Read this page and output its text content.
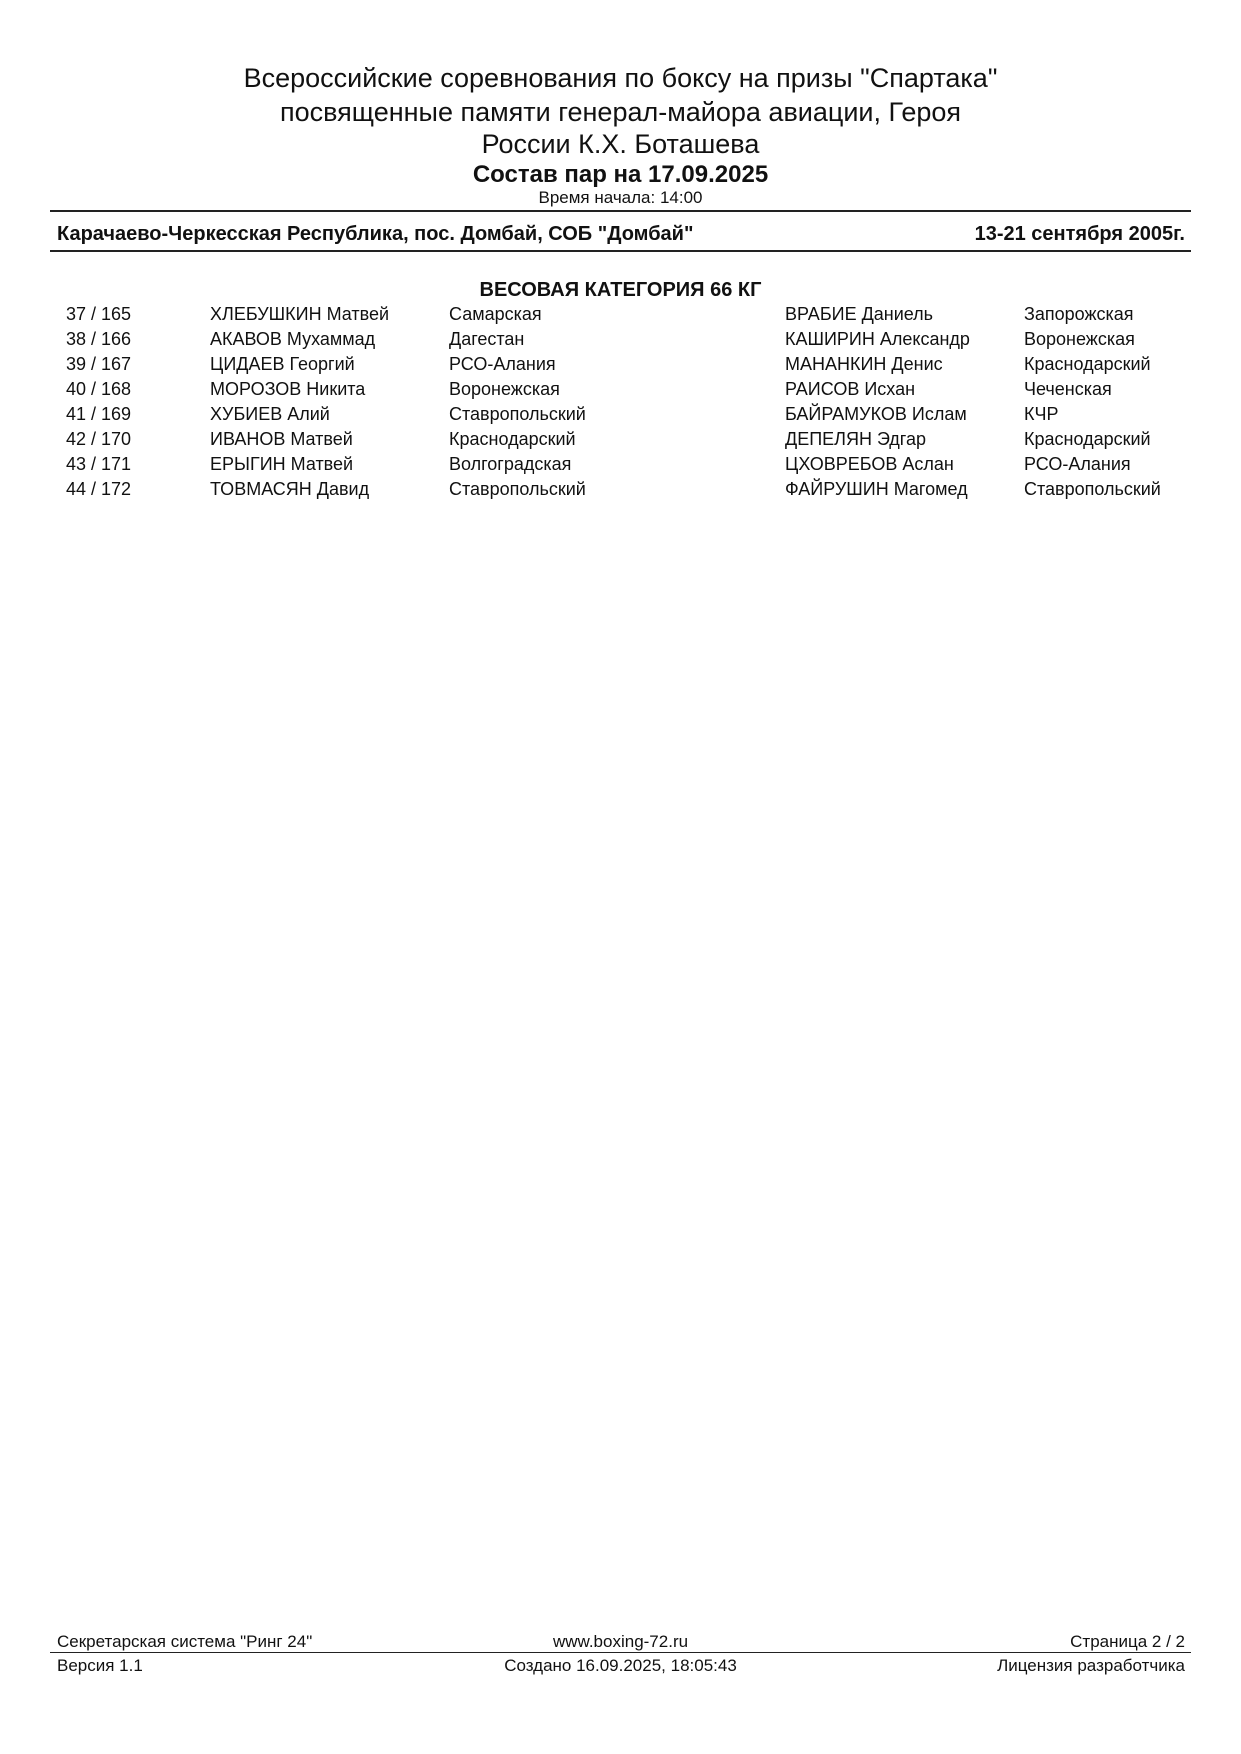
Всероссийские соревнования по боксу на призы "Спартака"
посвященные памяти генерал-майора авиации, Героя
России К.Х. Боташева
Состав пар на 17.09.2025
Время начала: 14:00
Карачаево-Черкесская Республика, пос. Домбай, СОБ "Домбай"	13-21 сентября 2005г.
ВЕСОВАЯ КАТЕГОРИЯ 66 КГ
37 / 165	ХЛЕБУШКИН Матвей	Самарская	ВРАБИЕ Даниель	Запорожская
38 / 166	АКАВОВ Мухаммад	Дагестан	КАШИРИН Александр	Воронежская
39 / 167	ЦИДАЕВ Георгий	РСО-Алания	МАНАНКИН Денис	Краснодарский
40 / 168	МОРОЗОВ Никита	Воронежская	РАИСОВ Исхан	Чеченская
41 / 169	ХУБИЕВ Алий	Ставропольский	БАЙРАМУКОВ Ислам	КЧР
42 / 170	ИВАНОВ Матвей	Краснодарский	ДЕПЕЛЯН Эдгар	Краснодарский
43 / 171	ЕРЫГИН Матвей	Волгоградская	ЦХОВРЕБОВ Аслан	РСО-Алания
44 / 172	ТОВМАСЯН Давид	Ставропольский	ФАЙРУШИН Магомед	Ставропольский
Секретарская система "Ринг 24"	www.boxing-72.ru	Страница 2 / 2
Версия 1.1	Создано 16.09.2025, 18:05:43	Лицензия разработчика
